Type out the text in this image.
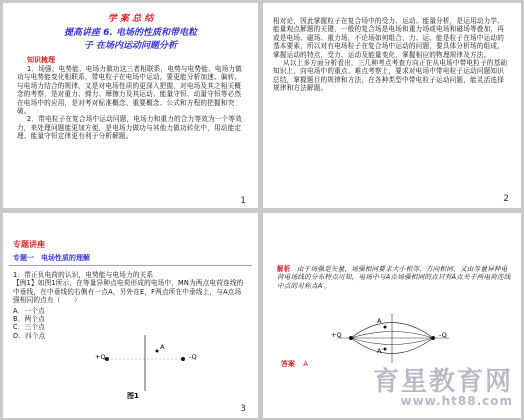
学 案 总 结
提高讲座 6. 电场的性质和带电粒
子 在场内运动问题分析
知识梳理
1．场强、电势能、电场力做功这三者相联系，电势与电势能、电场力做功与电势能变化相联系，带电粒子在电场中运动，要更能分析加速、偏转、与电场力结合的规律，又是对电场性质的更深入把握，对电场及其之相关概念的考察，是对重力、弹力、摩擦力及其运动、能量守恒、动量守恒等必然在电场中的应用，是对考对标准概念、重要概念、公式和方程的把握和突破。
2．带电粒子在复合场中运动问题，电场力和重力的合力等效为一个等效力，来处理问题能更加方便，是电场力做功与其他力做功转化中，用动能定理、能量守恒定律更有利于分析解题。
1
相对论，因此掌握粒子在复合场中的受力、运动、能量分析，是运用动力学、能量观点解题的关键，一般的复合场是电场和重力场或电场和磁场等叠加，再或是电场、磁场、重力场，不论场如何组合，力、运、能是粒子在场中运动的基本要素，所以对有电场粒子在复合场中运动的问题，要具体分析场的组成，掌握运动的特点，受力、运动及能量变化，掌握相应的物理规律及方法。
从以上多方面分析看出，三几种考点考查方向正在从电场中带电粒子的基础知识上，向电场中的重点、难点考察上，要求对电场中带电粒子运动问题知识总结，掌握题目的规律和方法，在各种类型中带电粒子运动问题，能灵活选择规律和方法解题。
2
专题讲座
专题一　电场性质的理解
1．带正负电荷的认识，电势能与电场力的关系
【例1】如图1所示，在等量异种点电荷形成的电场中，MN为两点电荷连线的中垂线，在中垂线的右侧有一点A，另外在E，F两点所在中垂线上，与A点场强相同的点有（　　）
A．一个点
B．两个点
C．三个点
D．四个点
+Q	-Q
A
图1
3
解析 由于场强是矢量，场强相同要求大小相等，方向相同，又由等量异种电荷电场线的分布特点可知，电场中与A点场强相同的点只有A点关于两电荷连线中点的对称点A′。
A
A′
+Q	-Q
答案 A
育星教育网
www.ht88.com
